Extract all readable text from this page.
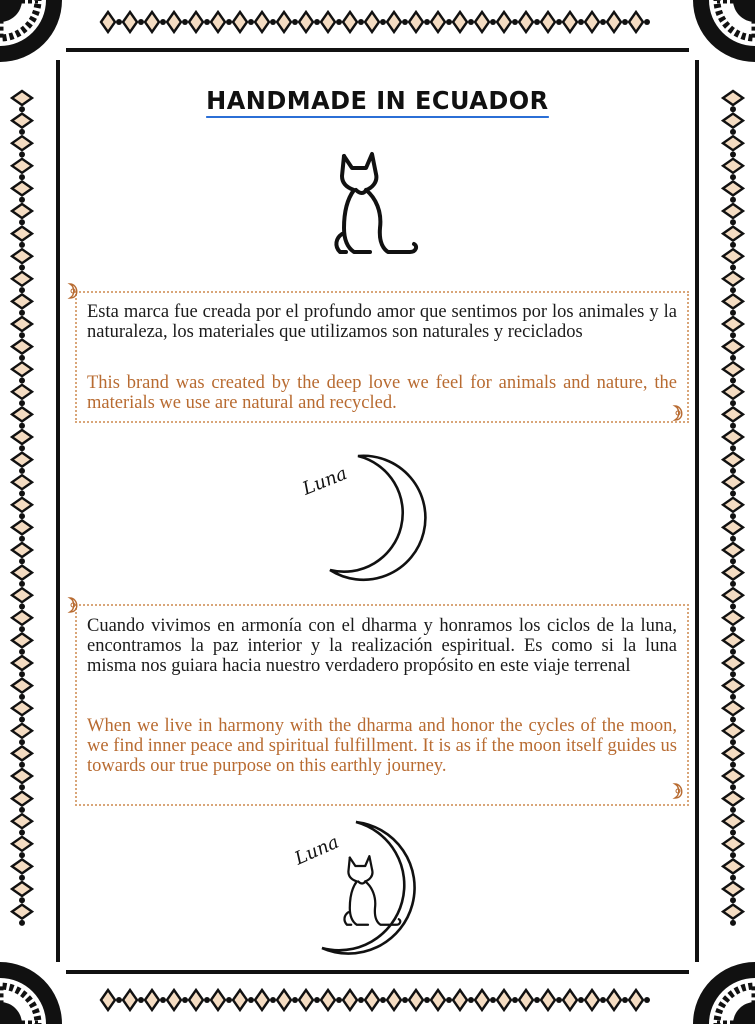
HANDMADE IN ECUADOR
Esta marca fue creada por el profundo amor que sentimos por los animales y la naturaleza, los materiales que utilizamos son naturales y reciclados
This brand was created by the deep love we feel for animals and nature, the materials we use are natural and recycled.
Luna
Cuando vivimos en armonía con el dharma y honramos los ciclos de la luna, encontramos la paz interior y la realización espiritual. Es como si la luna misma nos guiara hacia nuestro verdadero propósito en este viaje terrenal
When we live in harmony with the dharma and honor the cycles of the moon, we find inner peace and spiritual fulfillment. It is as if the moon itself guides us towards our true purpose on this earthly journey.
Luna
